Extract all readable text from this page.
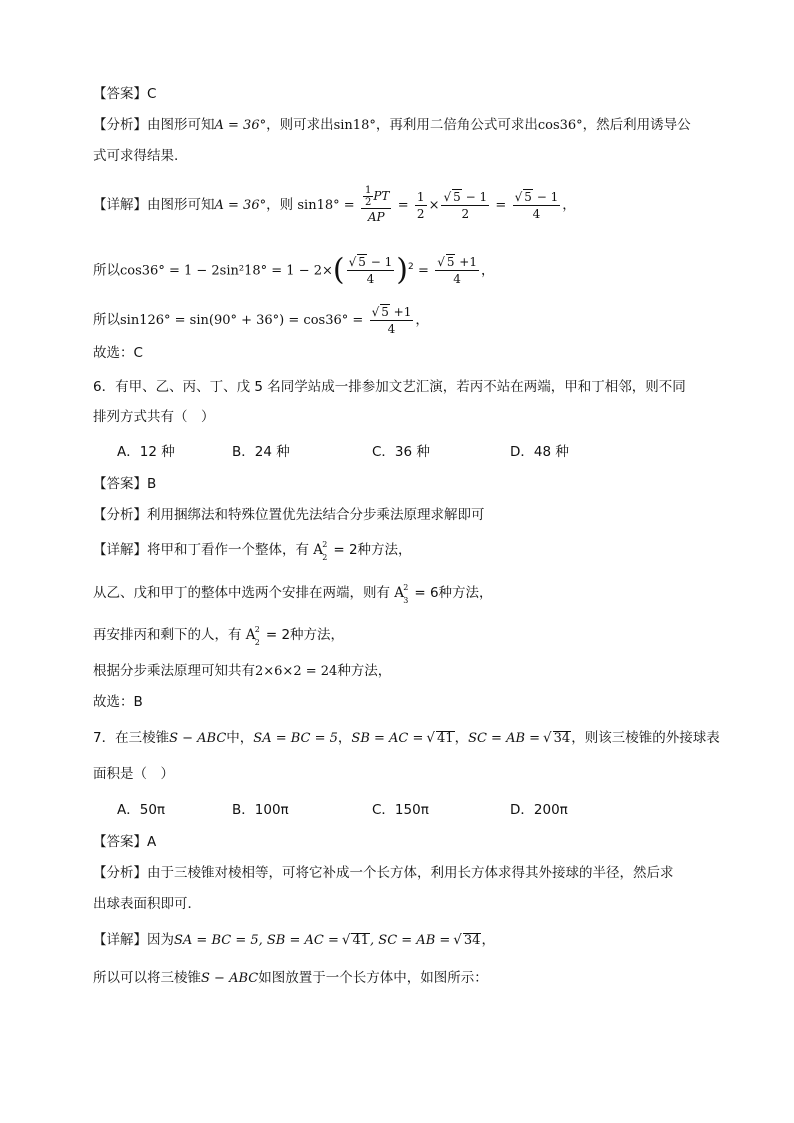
【答案】C
【分析】由图形可知A = 36°，则可求出sin18°，再利用二倍角公式可求出cos36°，然后利用诱导公
式可求得结果.
【详解】由图形可知A = 36°，则 $\sin 18^\circ = \frac{\frac{1}{2} PT}{AP} = \frac{1}{2} \times \frac{√ 5 - 1}{2} = \frac{√ 5 - 1}{4}$ ，
所以$\cos 36^\circ = 1 - 2\sin^218^\circ = 1 - 2\times( \frac{√ 5 - 1}{4} )^2 = \frac{√ 5 +1}{4}$ ，
所以$\sin 126^\circ = \sin(90^\circ + 36^\circ) = \cos 36^\circ = \frac{√ 5 +1}{4}$ ，
故选：C
6．有甲、乙、丙、丁、戊 5 名同学站成一排参加文艺汇演，若丙不站在两端，甲和丁相邻，则不同
排列方式共有（　）
A．12 种	B．24 种	C．36 种	D．48 种
【答案】B
【分析】利用捆绑法和特殊位置优先法结合分步乘法原理求解即可
【详解】将甲和丁看作一个整体，有 A 2
2 = 2种方法，
从乙、戊和甲丁的整体中选两个安排在两端，则有 A 2
3 = 6种方法，
再安排丙和剩下的人，有 A 2
2 = 2种方法，
根据分步乘法原理可知共有2×6×2 = 24种方法，
故选：B
7．在三棱锥S − ABC中，SA = BC = 5，SB = AC = √ 41，SC = AB = √ 34，则该三棱锥的外接球表
面积是（　）
A．50π	B．100π	C．150π	D．200π
【答案】A
【分析】由于三棱锥对棱相等，可将它补成一个长方体，利用长方体求得其外接球的半径，然后求
出球表面积即可．
【详解】因为SA = BC = 5, SB = AC = √ 41, SC = AB = √ 34，
所以可以将三棱锥S − ABC如图放置于一个长方体中，如图所示：
